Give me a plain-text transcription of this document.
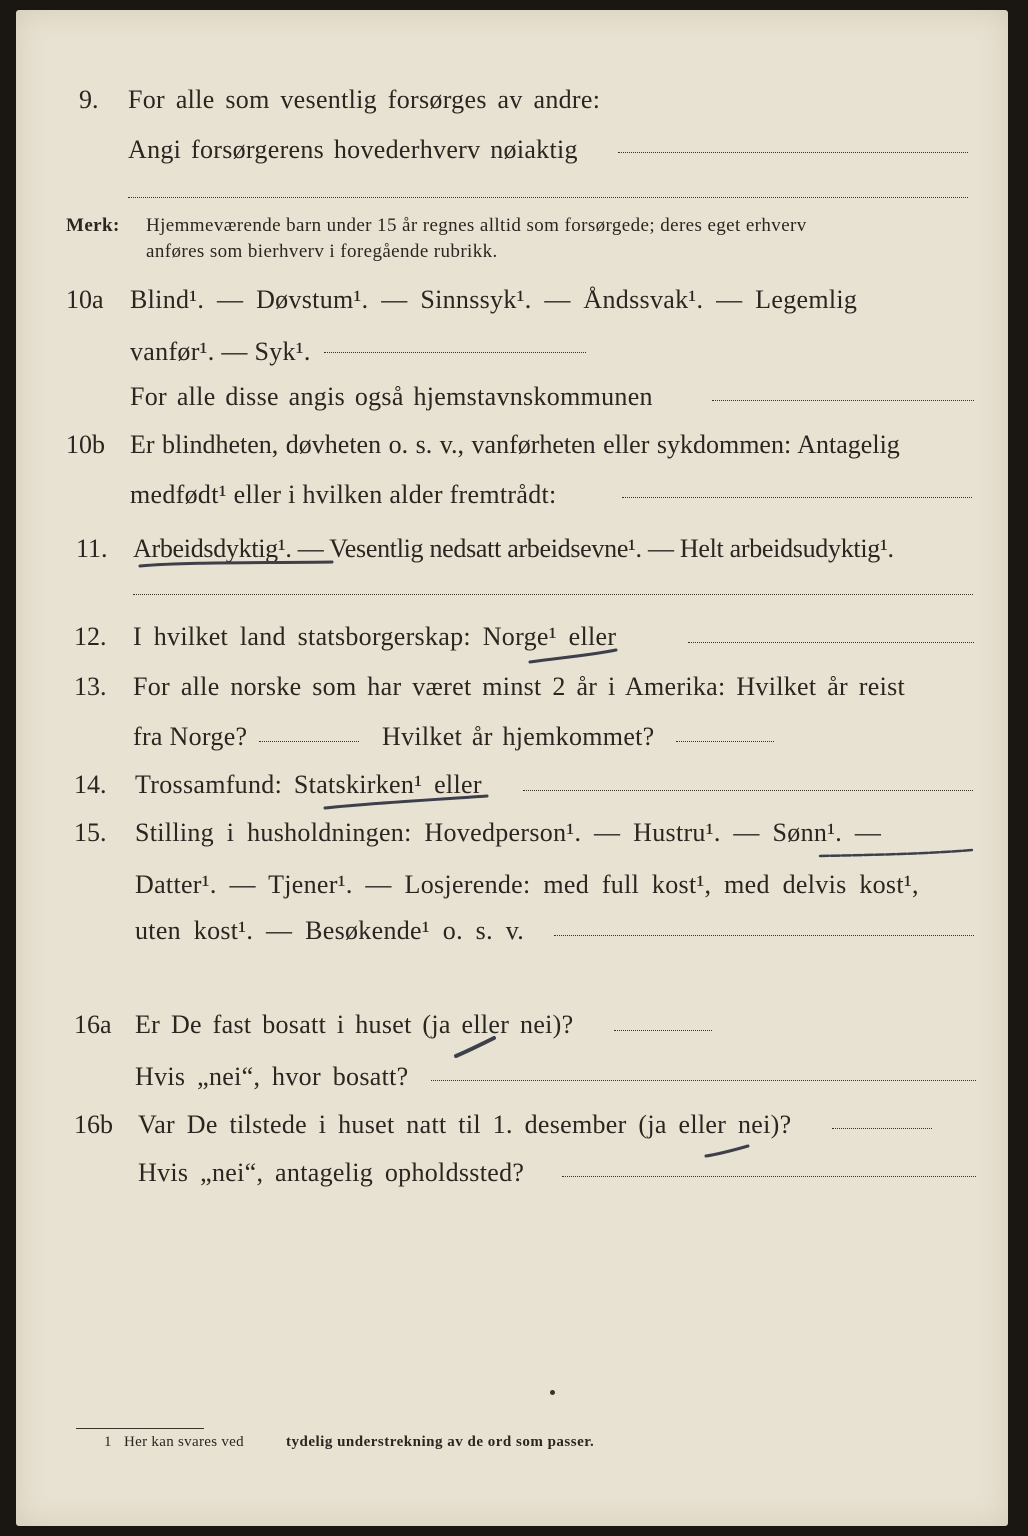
9. For alle som vesentlig forsørges av andre:
Angi forsørgerens hovederhverv nøiaktig
Merk: Hjemmeværende barn under 15 år regnes alltid som forsørgede; deres eget erhverv
anføres som bierhverv i foregående rubrikk.
10a Blind¹. — Døvstum¹. — Sinnssyk¹. — Åndssvak¹. — Legemlig
vanfør¹. — Syk¹.
For alle disse angis også hjemstavnskommunen
10b Er blindheten, døvheten o. s. v., vanførheten eller sykdommen: Antagelig
medfødt¹ eller i hvilken alder fremtrådt:
11. Arbeidsdyktig¹. — Vesentlig nedsatt arbeidsevne¹. — Helt arbeidsudyktig¹.
12. I hvilket land statsborgerskap: Norge¹ eller
13. For alle norske som har været minst 2 år i Amerika: Hvilket år reist
fra Norge?	Hvilket år hjemkommet?
14. Trossamfund: Statskirken¹ eller
15. Stilling i husholdningen: Hovedperson¹. — Hustru¹. — Sønn¹. —
Datter¹. — Tjener¹. — Losjerende: med full kost¹, med delvis kost¹,
uten kost¹. — Besøkende¹ o. s. v.
16a Er De fast bosatt i huset (ja eller nei)?
Hvis „nei“, hvor bosatt?
16b Var De tilstede i huset natt til 1. desember (ja eller nei)?
Hvis „nei“, antagelig opholdssted?
1 Her kan svares ved	tydelig understrekning av de ord som passer.
